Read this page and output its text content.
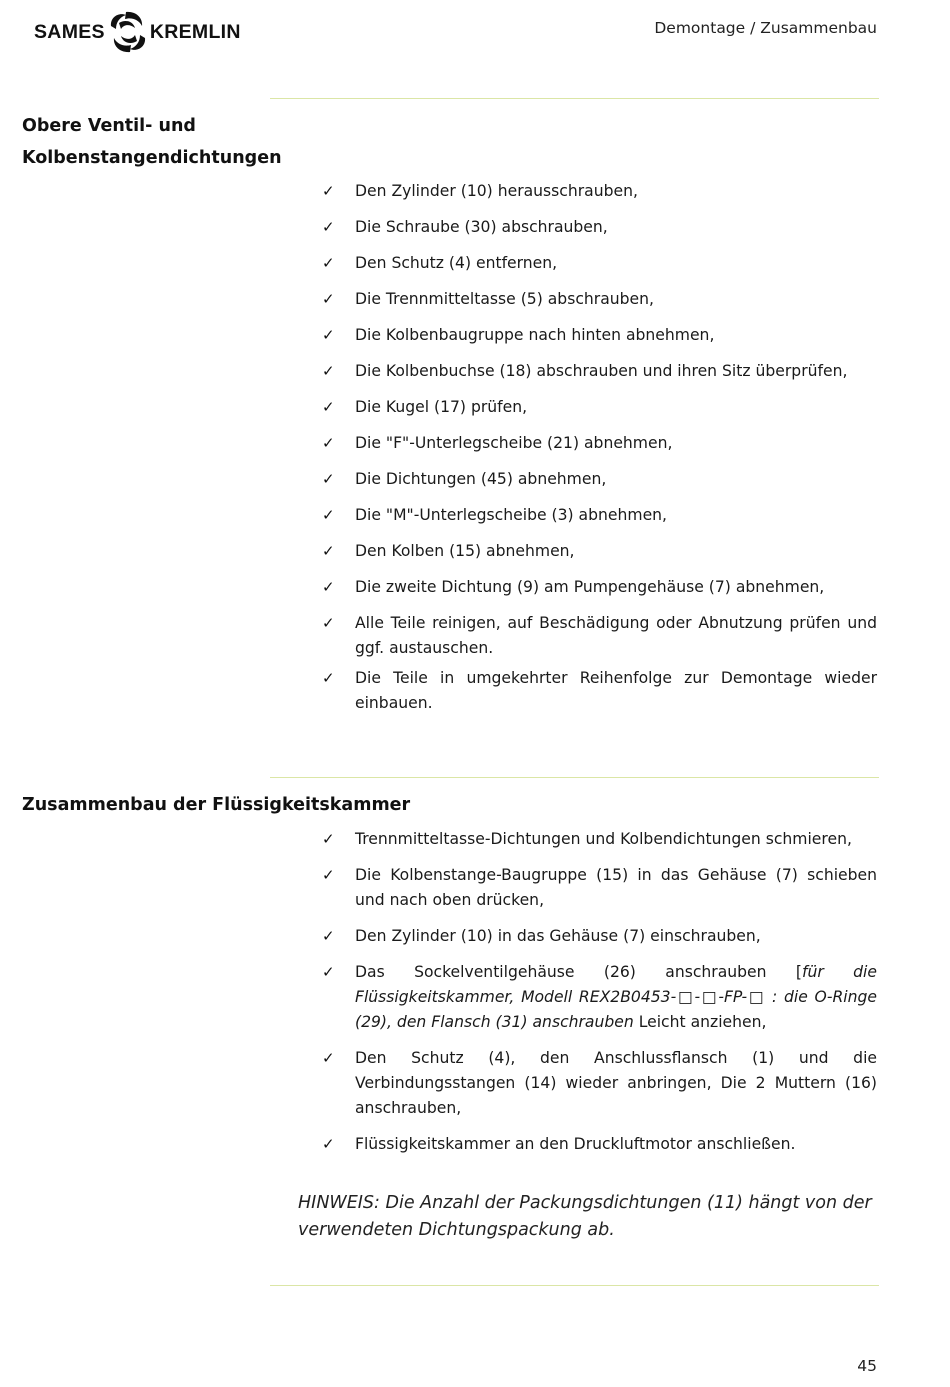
SAMES KREMLIN	Demontage / Zusammenbau
Obere Ventil- und
Kolbenstangendichtungen
✓ Den Zylinder (10) herausschrauben,
✓ Die Schraube (30) abschrauben,
✓ Den Schutz (4) entfernen,
✓ Die Trennmitteltasse (5) abschrauben,
✓ Die Kolbenbaugruppe nach hinten abnehmen,
✓ Die Kolbenbuchse (18) abschrauben und ihren Sitz überprüfen,
✓ Die Kugel (17) prüfen,
✓ Die "F"-Unterlegscheibe (21) abnehmen,
✓ Die Dichtungen (45) abnehmen,
✓ Die "M"-Unterlegscheibe (3) abnehmen,
✓ Den Kolben (15) abnehmen,
✓ Die zweite Dichtung (9) am Pumpengehäuse (7) abnehmen,
✓ Alle Teile reinigen, auf Beschädigung oder Abnutzung prüfen und ggf. austauschen.
✓ Die Teile in umgekehrter Reihenfolge zur Demontage wieder einbauen.
Zusammenbau der Flüssigkeitskammer
✓ Trennmitteltasse-Dichtungen und Kolbendichtungen schmieren,
✓ Die Kolbenstange-Baugruppe (15) in das Gehäuse (7) schieben und nach oben drücken,
✓ Den Zylinder (10) in das Gehäuse (7) einschrauben,
✓ Das Sockelventilgehäuse (26) anschrauben [für die Flüssigkeitskammer, Modell REX2B0453-□-□-FP-□ : die O-Ringe (29), den Flansch (31) anschrauben Leicht anziehen,
✓ Den Schutz (4), den Anschlussflansch (1) und die Verbindungsstangen (14) wieder anbringen, Die 2 Muttern (16) anschrauben,
✓ Flüssigkeitskammer an den Druckluftmotor anschließen.
HINWEIS: Die Anzahl der Packungsdichtungen (11) hängt von der verwendeten Dichtungspackung ab.
45
